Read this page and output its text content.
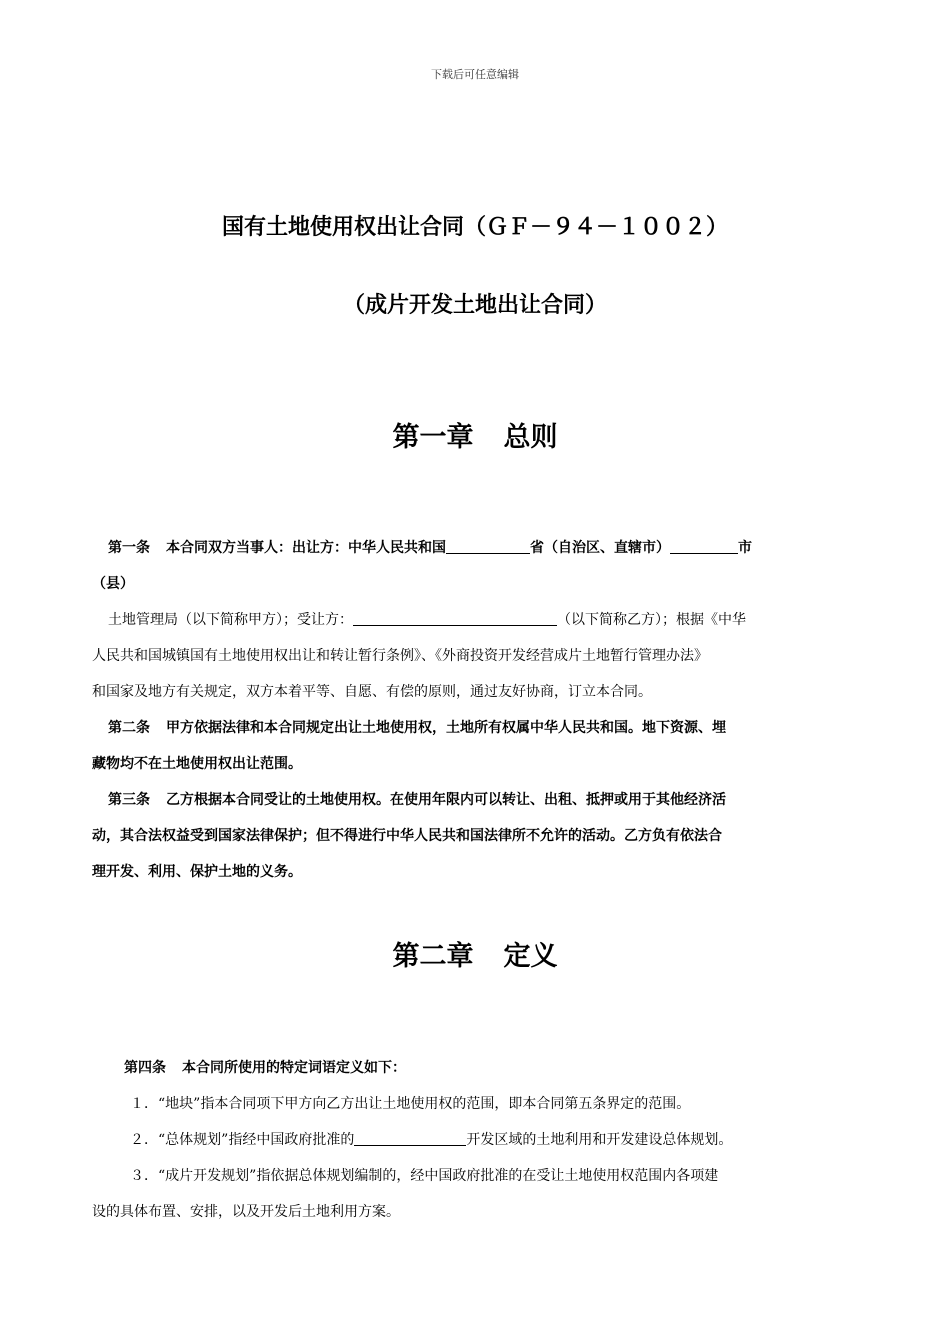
下载后可任意编辑
国有土地使用权出让合同（ＧＦ－９４－１００２）
（成片开发土地出让合同）
第一章 总则

第一条 本合同双方当事人：出让方：中华人民共和国	省（自治区、直辖市）	市

（县）

土地管理局（以下简称甲方）；受让方：	（以下简称乙方）；根据《中华

人民共和国城镇国有土地使用权出让和转让暂行条例》、《外商投资开发经营成片土地暂行管理办法》

和国家及地方有关规定，双方本着平等、自愿、有偿的原则，通过友好协商，订立本合同。

第二条 甲方依据法律和本合同规定出让土地使用权，土地所有权属中华人民共和国。地下资源、埋

藏物均不在土地使用权出让范围。

第三条 乙方根据本合同受让的土地使用权。在使用年限内可以转让、出租、抵押或用于其他经济活

动，其合法权益受到国家法律保护；但不得进行中华人民共和国法律所不允许的活动。乙方负有依法合

理开发、利用、保护土地的义务。

第二章 定义

第四条 本合同所使用的特定词语定义如下：

１．“地块”指本合同项下甲方向乙方出让土地使用权的范围，即本合同第五条界定的范围。

２．“总体规划”指经中国政府批准的	开发区域的土地利用和开发建设总体规划。

３．“成片开发规划”指依据总体规划编制的，经中国政府批准的在受让土地使用权范围内各项建

设的具体布置、安排，以及开发后土地利用方案。
